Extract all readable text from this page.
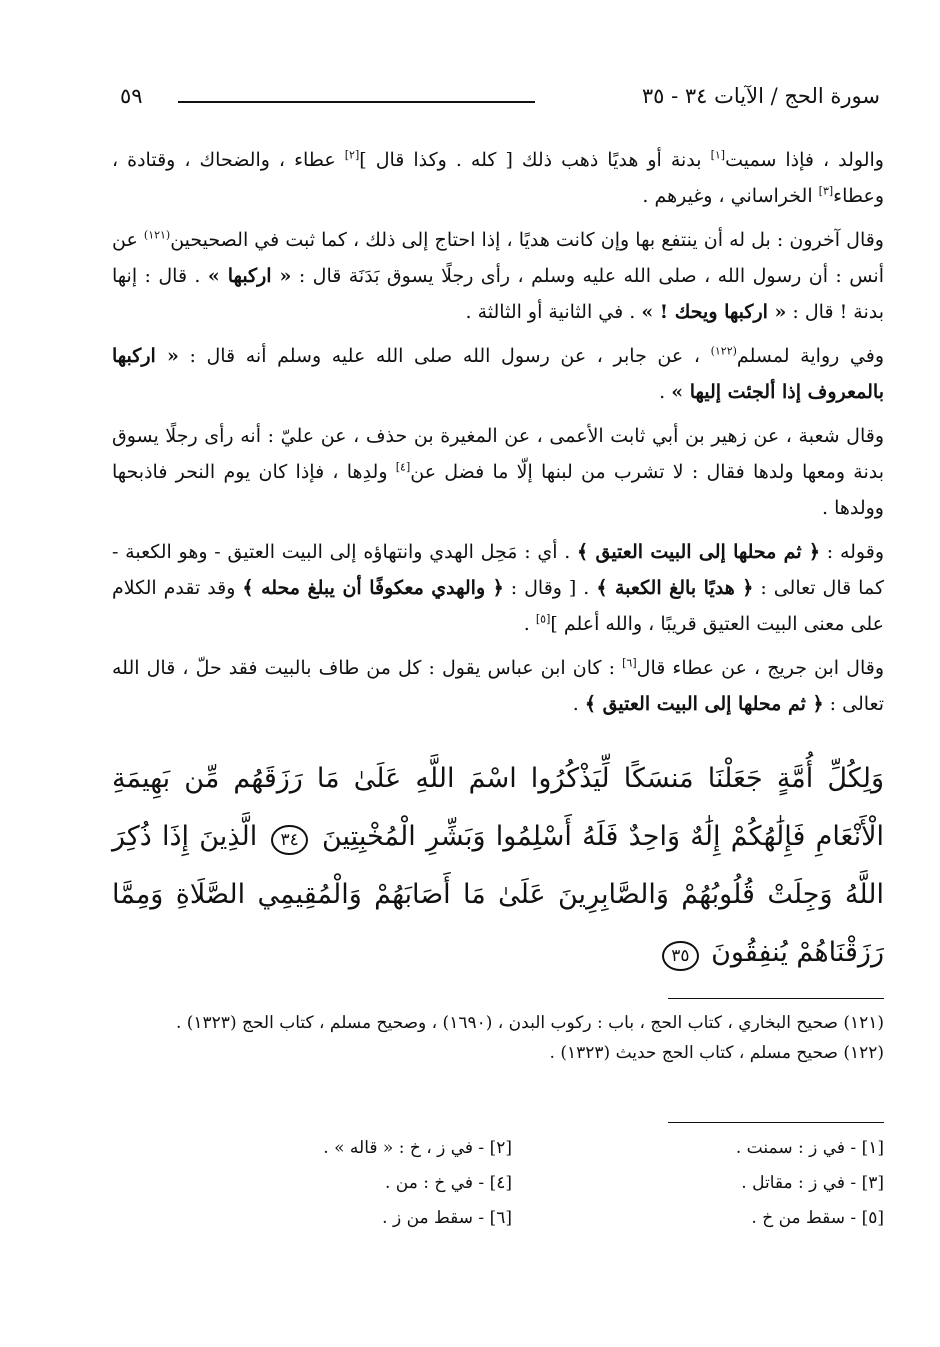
سورة الحج / الآيات ٣٤ - ٣٥
٥٩

والولد ، فإذا سميت[١] بدنة أو هديًا ذهب ذلك [ كله . وكذا قال ][٢] عطاء ، والضحاك ، وقتادة ، وعطاء[٣] الخراساني ، وغيرهم .

وقال آخرون : بل له أن ينتفع بها وإن كانت هديًا ، إذا احتاج إلى ذلك ، كما ثبت في الصحيحين$^{(١٢١)}$ عن أنس : أن رسول الله ، صلى الله عليه وسلم ، رأى رجلًا يسوق بَدَنَة قال : « اركبها » . قال : إنها بدنة ! قال : « اركبها ويحك ! » . في الثانية أو الثالثة .

وفي رواية لمسلم$^{(١٢٢)}$ ، عن جابر ، عن رسول الله صلى الله عليه وسلم أنه قال : « اركبها بالمعروف إذا ألجئت إليها » .

وقال شعبة ، عن زهير بن أبي ثابت الأعمى ، عن المغيرة بن حذف ، عن عليّ : أنه رأى رجلًا يسوق بدنة ومعها ولدها فقال : لا تشرب من لبنها إلّا ما فضل عن[٤] ولدِها ، فإذا كان يوم النحر فاذبحها وولدها .

وقوله : ﴿ ثم محلها إلى البيت العتيق ﴾ . أي : مَحِل الهدي وانتهاؤه إلى البيت العتيق - وهو الكعبة - كما قال تعالى : ﴿ هديًا بالغ الكعبة ﴾ . [ وقال : ﴿ والهدي معكوفًا أن يبلغ محله ﴾ وقد تقدم الكلام على معنى البيت العتيق قريبًا ، والله أعلم ][٥] .

وقال ابن جريج ، عن عطاء قال[٦] : كان ابن عباس يقول : كل من طاف بالبيت فقد حلّ ، قال الله تعالى : ﴿ ثم محلها إلى البيت العتيق ﴾ .

وَلِكُلِّ أُمَّةٍ جَعَلْنَا مَنسَكًا لِّيَذْكُرُوا اسْمَ اللَّهِ عَلَىٰ مَا رَزَقَهُم مِّن بَهِيمَةِ الْأَنْعَامِ فَإِلَٰهُكُمْ إِلَٰهٌ وَاحِدٌ فَلَهُ أَسْلِمُوا وَبَشِّرِ الْمُخْبِتِينَ ٣٤ الَّذِينَ إِذَا ذُكِرَ اللَّهُ وَجِلَتْ قُلُوبُهُمْ وَالصَّابِرِينَ عَلَىٰ مَا أَصَابَهُمْ وَالْمُقِيمِي الصَّلَاةِ وَمِمَّا رَزَقْنَاهُمْ يُنفِقُونَ ٣٥

(١٢١) صحيح البخاري ، كتاب الحج ، باب : ركوب البدن ، (١٦٩٠) ، وصحيح مسلم ، كتاب الحج (١٣٢٣) .

(١٢٢) صحيح مسلم ، كتاب الحج حديث (١٣٢٣) .

[١] - في ز : سمنت .
[٢] - في ز ، خ : « قاله » .
[٣] - في ز : مقاتل .
[٤] - في خ : من .
[٥] - سقط من خ .
[٦] - سقط من ز .
